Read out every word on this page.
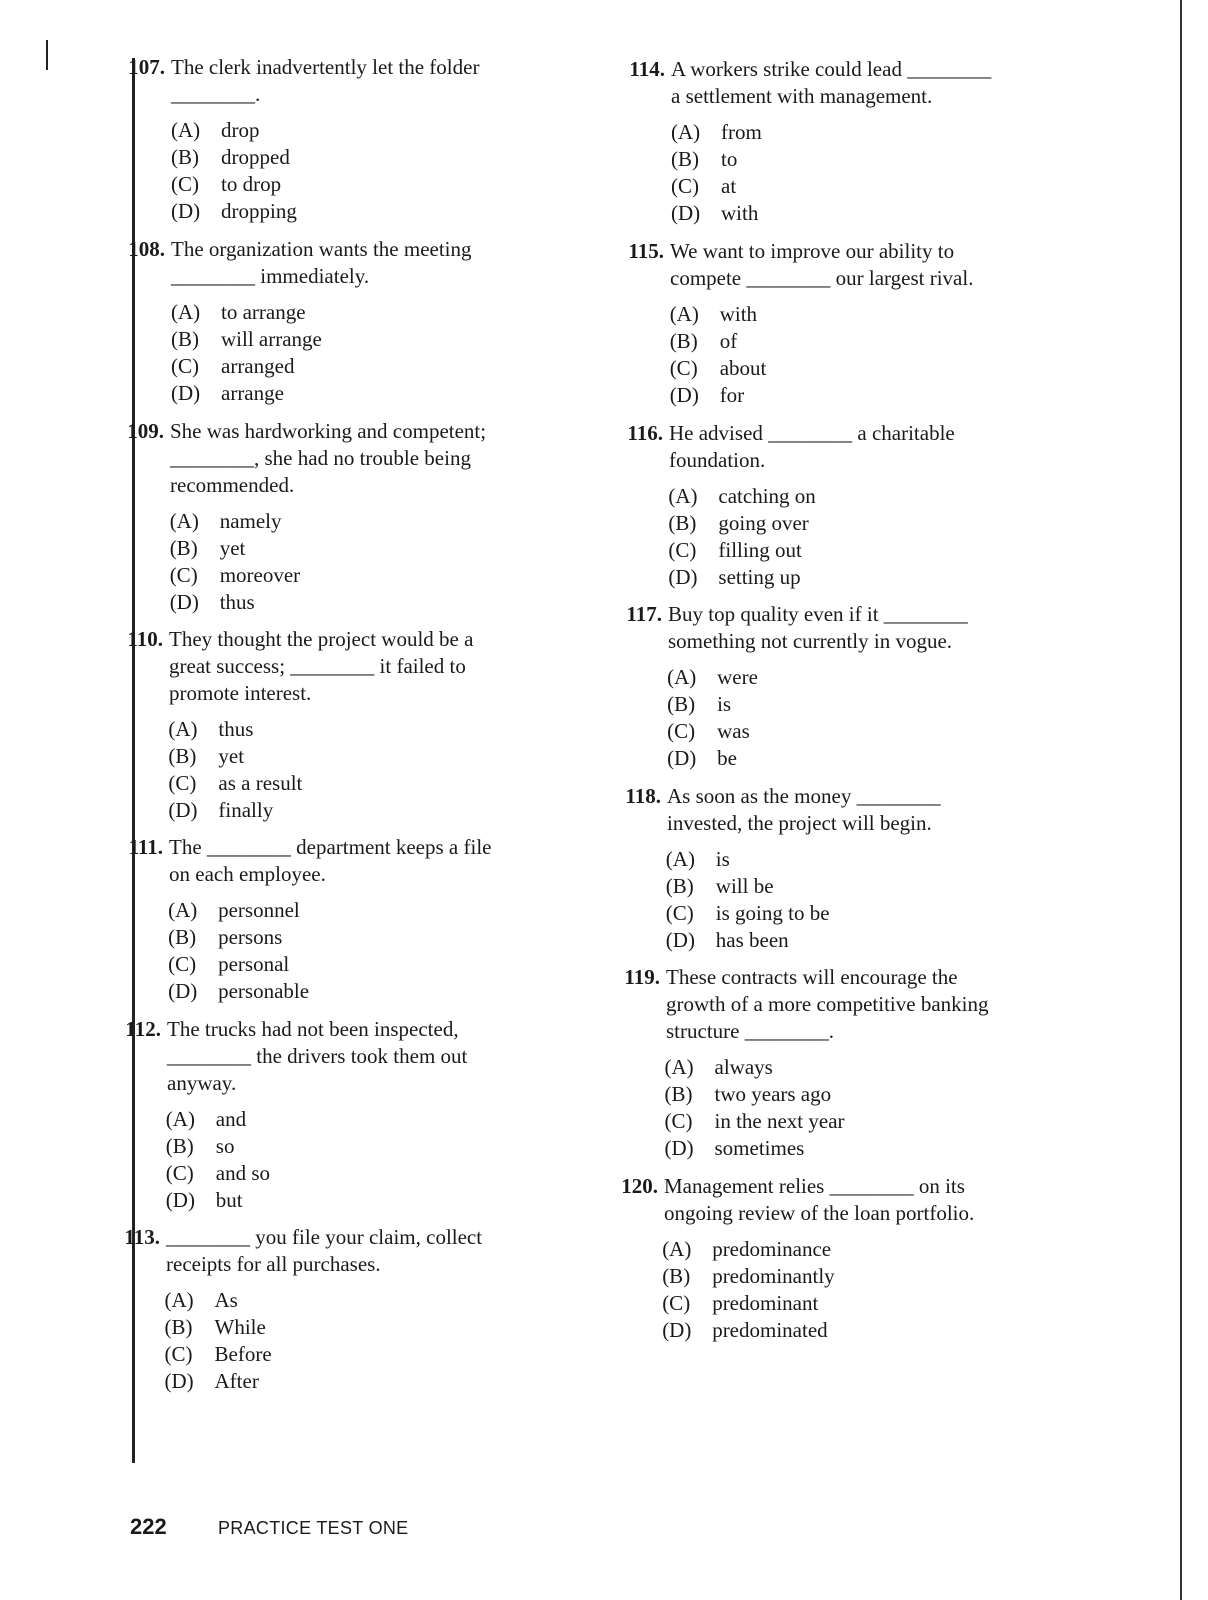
107. The clerk inadvertently let the folder
________.
(A) drop
(B) dropped
(C) to drop
(D) dropping
108. The organization wants the meeting
________ immediately.
(A) to arrange
(B) will arrange
(C) arranged
(D) arrange
109. She was hardworking and competent;
________, she had no trouble being
recommended.
(A) namely
(B) yet
(C) moreover
(D) thus
110. They thought the project would be a
great success; ________ it failed to
promote interest.
(A) thus
(B) yet
(C) as a result
(D) finally
111. The ________ department keeps a file
on each employee.
(A) personnel
(B) persons
(C) personal
(D) personable
112. The trucks had not been inspected,
________ the drivers took them out
anyway.
(A) and
(B) so
(C) and so
(D) but
113. ________ you file your claim, collect
receipts for all purchases.
(A) As
(B) While
(C) Before
(D) After
114. A workers strike could lead ________
a settlement with management.
(A) from
(B) to
(C) at
(D) with
115. We want to improve our ability to
compete ________ our largest rival.
(A) with
(B) of
(C) about
(D) for
116. He advised ________ a charitable
foundation.
(A) catching on
(B) going over
(C) filling out
(D) setting up
117. Buy top quality even if it ________
something not currently in vogue.
(A) were
(B) is
(C) was
(D) be
118. As soon as the money ________
invested, the project will begin.
(A) is
(B) will be
(C) is going to be
(D) has been
119. These contracts will encourage the
growth of a more competitive banking
structure ________.
(A) always
(B) two years ago
(C) in the next year
(D) sometimes
120. Management relies ________ on its
ongoing review of the loan portfolio.
(A) predominance
(B) predominantly
(C) predominant
(D) predominated
222	PRACTICE TEST ONE
